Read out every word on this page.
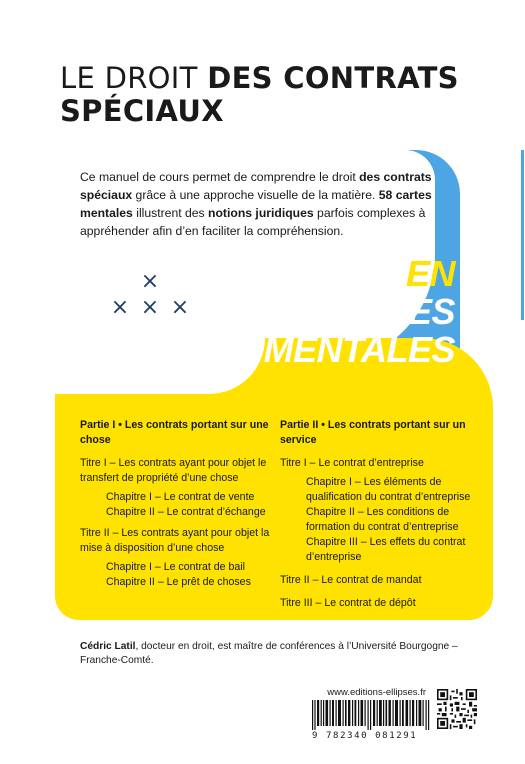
LE DROIT DES CONTRATS
SPÉCIAUX
Ce manuel de cours permet de comprendre le droit des contrats spéciaux grâce à une approche visuelle de la matière. 58 cartes mentales illustrent des notions juridiques parfois complexes à appréhender afin d’en faciliter la compréhension.
×
× × ×
EN CARTES
MENTALES
Partie I • Les contrats portant sur une chose
Titre I – Les contrats ayant pour objet le transfert de propriété d’une chose
Chapitre I – Le contrat de vente
Chapitre II – Le contrat d’échange
Titre II – Les contrats ayant pour objet la mise à disposition d’une chose
Chapitre I – Le contrat de bail
Chapitre II – Le prêt de choses
Partie II • Les contrats portant sur un service
Titre I – Le contrat d’entreprise
Chapitre I – Les éléments de qualification du contrat d’entreprise
Chapitre II – Les conditions de formation du contrat d’entreprise
Chapitre III – Les effets du contrat d’entreprise
Titre II – Le contrat de mandat
Titre III – Le contrat de dépôt
Cédric Latil, docteur en droit, est maître de conférences à l’Université Bourgogne – Franche-Comté.
www.editions-ellipses.fr
9 782340 081291
